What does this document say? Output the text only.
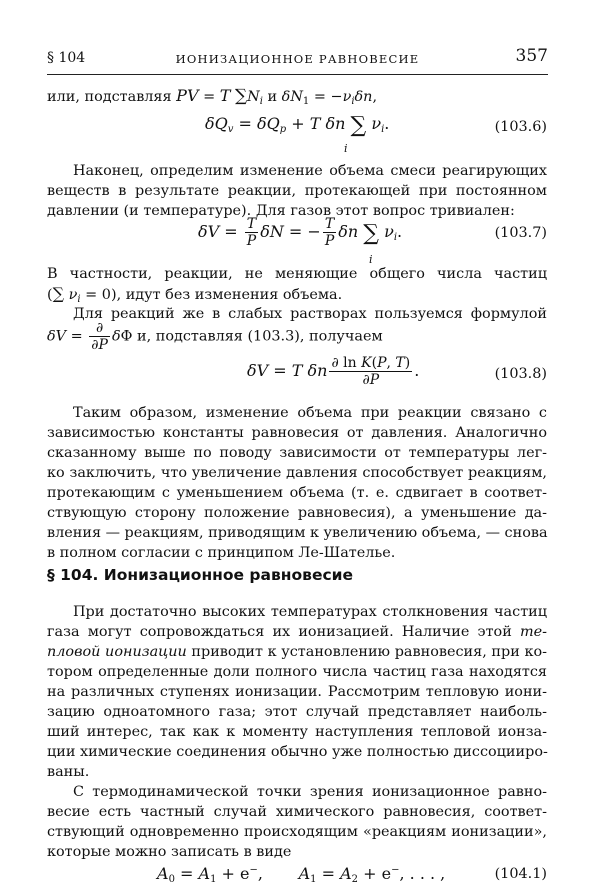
§ 104	ИОНИЗАЦИОННОЕ РАВНОВЕСИЕ	357
или, подставляя PV = T $\sum N_i$ и $\delta N_1 = -\nu_i\delta n$,
$\delta Q_v = \delta Q_p + T$ δn ∑ $\nu_i$.
i
(103.6)
Наконец, определим изменение объема смеси реагирующих
веществ в результате реакции, протекающей при постоянном
давлении (и температуре). Для газов этот вопрос тривиален:
$\delta V = \frac{T}{P}$ δN = − $\frac{T}{P}$ δn ∑ $\nu_i$.
i
(103.7)
В частности, реакции, не меняющие общего числа частиц
(∑ $\nu_i = 0$), идут без изменения объема.
Для реакций же в слабых растворах пользуемся формулой
$\delta V = \frac{\partial}{\partial P}$ δΦ и, подставляя (103.3), получаем
δV = T δn $\frac{\text{∂ ln K(P, T)}}{\partial P}$ .	(103.8)
Таким образом, изменение объема при реакции связано с
зависимостью константы равновесия от давления. Аналогично
сказанному выше по поводу зависимости от температуры лег-
ко заключить, что увеличение давления способствует реакциям,
протекающим с уменьшением объема (т. е. сдвигает в соответ-
ствующую сторону положение равновесия), а уменьшение да-
вления — реакциям, приводящим к увеличению объема, — снова
в полном согласии с принципом Ле-Шателье.
§ 104. Ионизационное равновесие
При достаточно высоких температурах столкновения частиц
газа могут сопровождаться их ионизацией. Наличие этой те-
пловой ионизации приводит к установлению равновесия, при ко-
тором определенные доли полного числа частиц газа находятся
на различных ступенях ионизации. Рассмотрим тепловую иони-
зацию одноатомного газа; этот случай представляет наиболь-
ший интерес, так как к моменту наступления тепловой ионза-
ции химические соединения обычно уже полностью диссоцииро-
ваны.
С термодинамической точки зрения ионизационное равно-
весие есть частный случай химического равновесия, соответ-
ствующий одновременно происходящим «реакциям ионизации»,
которые можно записать в виде
$A_0 = A_1 + e^-$,       $A_1 = A_2 + e^-$, . . . ,	(104.1)
